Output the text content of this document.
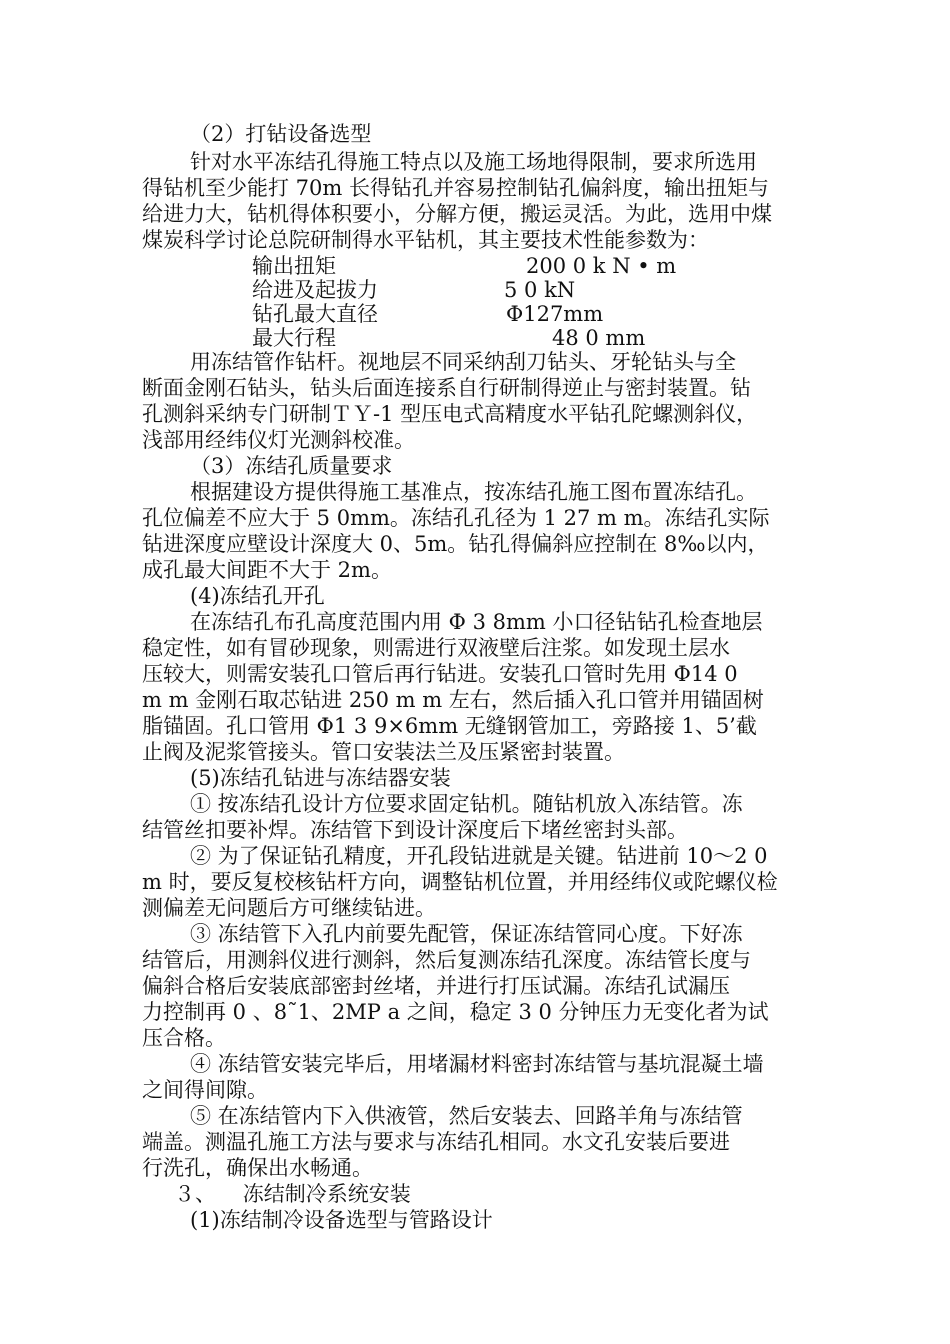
（2）打钻设备选型
针对水平冻结孔得施工特点以及施工场地得限制，要求所选用
得钻机至少能打 70m 长得钻孔并容易控制钻孔偏斜度，输出扭矩与
给进力大，钻机得体积要小，分解方便，搬运灵活。为此，选用中煤
煤炭科学讨论总院研制得水平钻机，其主要技术性能参数为：
输出扭矩	200 0 k N • m
给进及起拔力	5 0 kN
钻孔最大直径	Φ127mm
最大行程	48 0 mm
用冻结管作钻杆。视地层不同采纳刮刀钻头、牙轮钻头与全
断面金刚石钻头，钻头后面连接系自行研制得逆止与密封装置。钻
孔测斜采纳专门研制ＴＹ-1 型压电式高精度水平钻孔陀螺测斜仪，
浅部用经纬仪灯光测斜校准。
（3）冻结孔质量要求
根据建设方提供得施工基准点，按冻结孔施工图布置冻结孔。
孔位偏差不应大于 5 0mm。冻结孔孔径为 1 27 m m。冻结孔实际
钻进深度应壁设计深度大 0、5m。钻孔得偏斜应控制在 8‰以内，
成孔最大间距不大于 2m。
(4)冻结孔开孔
在冻结孔布孔高度范围内用 Φ 3 8mm 小口径钻钻孔检查地层
稳定性，如有冒砂现象，则需进行双液壁后注浆。如发现土层水
压较大，则需安装孔口管后再行钻进。安装孔口管时先用 Φ14 0
m m 金刚石取芯钻进 250 m m 左右，然后插入孔口管并用锚固树
脂锚固。孔口管用 Φ1 3 9×6mm 无缝钢管加工，旁路接 1、5’截
止阀及泥浆管接头。管口安装法兰及压紧密封装置。
(5)冻结孔钻进与冻结器安装
① 按冻结孔设计方位要求固定钻机。随钻机放入冻结管。冻
结管丝扣要补焊。冻结管下到设计深度后下堵丝密封头部。
② 为了保证钻孔精度，开孔段钻进就是关键。钻进前 10～2 0
m 时，要反复校核钻杆方向，调整钻机位置，并用经纬仪或陀螺仪检
测偏差无问题后方可继续钻进。
③ 冻结管下入孔内前要先配管，保证冻结管同心度。下好冻
结管后，用测斜仪进行测斜，然后复测冻结孔深度。冻结管长度与
偏斜合格后安装底部密封丝堵，并进行打压试漏。冻结孔试漏压
力控制再 0 、8˜1、2MP a 之间，稳定 3 0 分钟压力无变化者为试
压合格。
④ 冻结管安装完毕后，用堵漏材料密封冻结管与基坑混凝土墙
之间得间隙。
⑤ 在冻结管内下入供液管，然后安装去、回路羊角与冻结管
端盖。测温孔施工方法与要求与冻结孔相同。水文孔安装后要进
行洗孔，确保出水畅通。
３、    冻结制冷系统安装
(1)冻结制冷设备选型与管路设计
